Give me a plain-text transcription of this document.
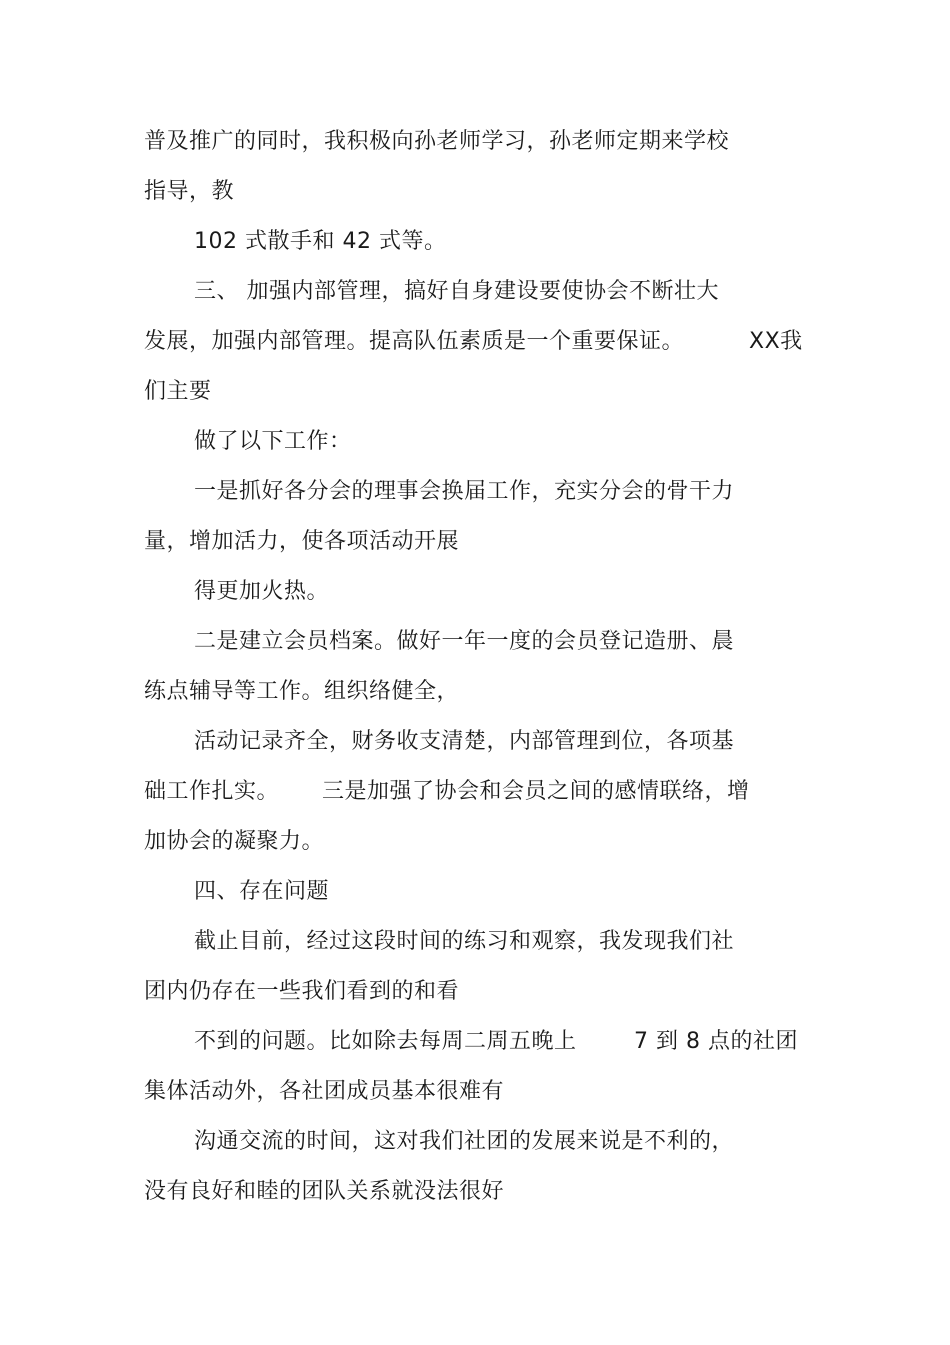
普及推广的同时，我积极向孙老师学习，孙老师定期来学校
指导，教
102 式散手和 42 式等。
三、 加强内部管理，搞好自身建设要使协会不断壮大
发展，加强内部管理。提高队伍素质是一个重要保证。	XX我
们主要
做了以下工作：
一是抓好各分会的理事会换届工作，充实分会的骨干力
量，增加活力，使各项活动开展
得更加火热。
二是建立会员档案。做好一年一度的会员登记造册、晨
练点辅导等工作。组织络健全，
活动记录齐全，财务收支清楚，内部管理到位，各项基
础工作扎实。 三是加强了协会和会员之间的感情联络，增
加协会的凝聚力。
四、存在问题
截止目前，经过这段时间的练习和观察，我发现我们社
团内仍存在一些我们看到的和看
不到的问题。比如除去每周二周五晚上	7 到 8 点的社团
集体活动外，各社团成员基本很难有
沟通交流的时间，这对我们社团的发展来说是不利的，
没有良好和睦的团队关系就没法很好
